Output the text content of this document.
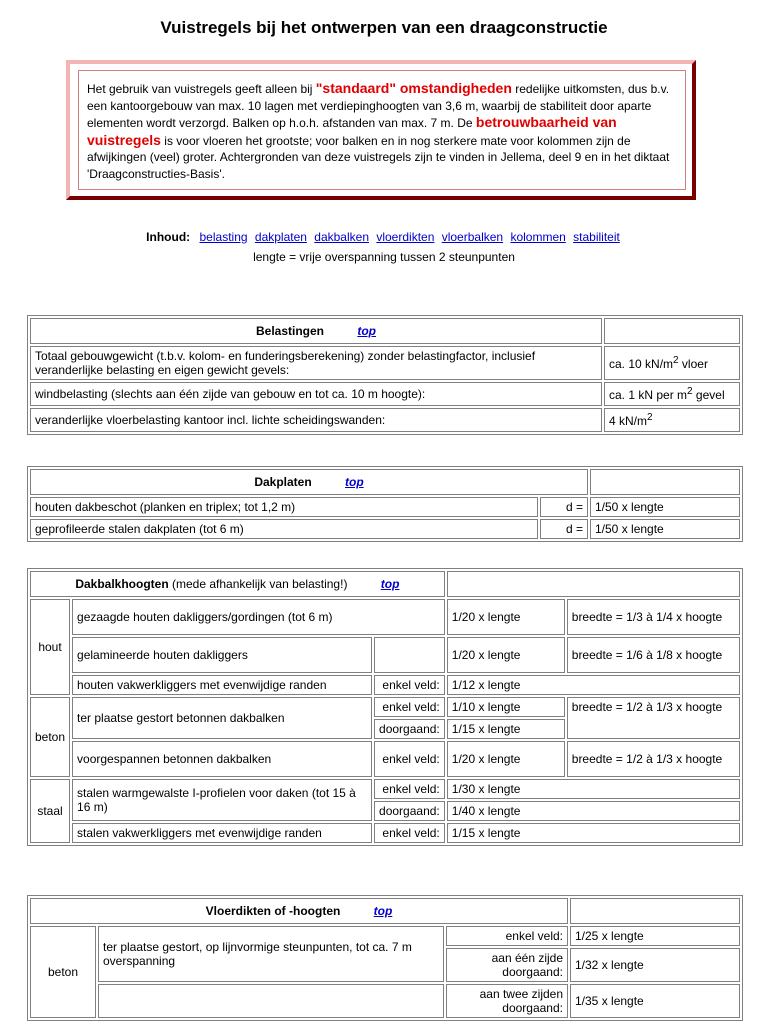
Vuistregels bij het ontwerpen van een draagconstructie
Het gebruik van vuistregels geeft alleen bij "standaard" omstandigheden redelijke uitkomsten, dus b.v. een kantoorgebouw van max. 10 lagen met verdiepinghoogten van 3,6 m, waarbij de stabiliteit door aparte elementen wordt verzorgd. Balken op h.o.h. afstanden van max. 7 m. De betrouwbaarheid van vuistregels is voor vloeren het grootste; voor balken en in nog sterkere mate voor kolommen zijn de afwijkingen (veel) groter. Achtergronden van deze vuistregels zijn te vinden in Jellema, deel 9 en in het diktaat 'Draagconstructies-Basis'.
Inhoud: belasting dakplaten dakbalken vloerdikten vloerbalken kolommen stabiliteit
lengte = vrije overspanning tussen 2 steunpunten
Belastingen top	
Totaal gebouwgewicht (t.b.v. kolom- en funderingsberekening) zonder belastingfactor, inclusief veranderlijke belasting en eigen gewicht gevels:	ca. 10 $kN/m^2$ vloer
windbelasting (slechts aan één zijde van gebouw en tot ca. 10 m hoogte):	ca. 1 kN per $m^2$ gevel
veranderlijke vloerbelasting kantoor incl. lichte scheidingswanden:	4 $kN/m^2$
Dakplaten top		
houten dakbeschot (planken en triplex; tot 1,2 m)	d =	1/50 x lengte
geprofileerde stalen dakplaten (tot 6 m)	d =	1/50 x lengte
Dakbalkhoogten (mede afhankelijk van belasting!) top				
hout	gezaagde houten dakliggers/gordingen (tot 6 m)		1/20 x lengte	breedte = 1/3 à 1/4 x hoogte
	gelamineerde houten dakliggers		1/20 x lengte	breedte = 1/6 à 1/8 x hoogte
	houten vakwerkliggers met evenwijdige randen	enkel veld:	1/12 x lengte	
beton	ter plaatse gestort betonnen dakbalken	enkel veld:	1/10 x lengte	breedte = 1/2 à 1/3 x hoogte
		doorgaand:	1/15 x lengte	
	voorgespannen betonnen dakbalken	enkel veld:	1/20 x lengte	breedte = 1/2 à 1/3 x hoogte
staal	stalen warmgewalste I-profielen voor daken (tot 15 à 16 m)	enkel veld:	1/30 x lengte	
		doorgaand:	1/40 x lengte	
	stalen vakwerkliggers met evenwijdige randen	enkel veld:	1/15 x lengte	
Vloerdikten of -hoogten top			
beton	ter plaatse gestort, op lijnvormige steunpunten, tot ca. 7 m overspanning	enkel veld:	1/25 x lengte
		aan één zijde doorgaand:	1/32 x lengte
		aan twee zijden doorgaand:	1/35 x lengte
